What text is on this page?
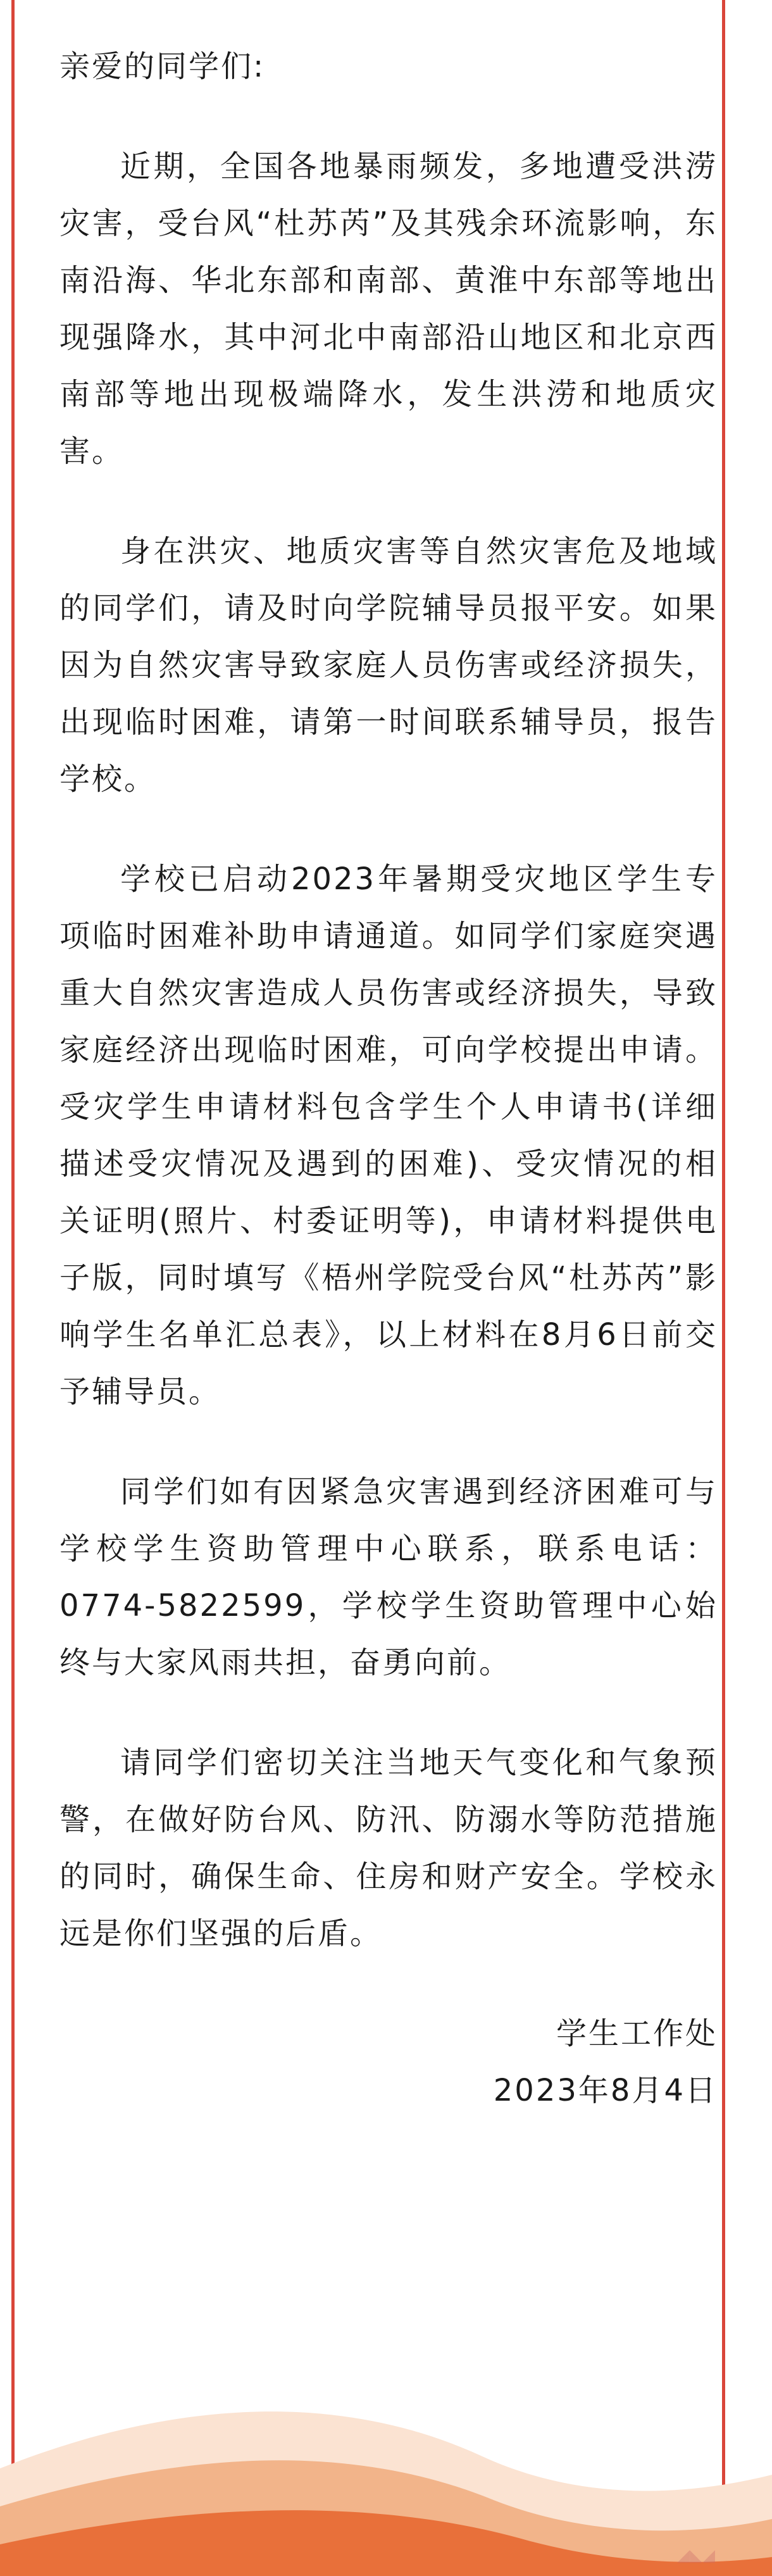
亲爱的同学们:

近期，全国各地暴雨频发，多地遭受洪涝灾害，受台风“杜苏芮”及其残余环流影响，东南沿海、华北东部和南部、黄淮中东部等地出现强降水，其中河北中南部沿山地区和北京西南部等地出现极端降水，发生洪涝和地质灾害。

身在洪灾、地质灾害等自然灾害危及地域的同学们，请及时向学院辅导员报平安。如果因为自然灾害导致家庭人员伤害或经济损失，出现临时困难，请第一时间联系辅导员，报告学校。

学校已启动2023年暑期受灾地区学生专项临时困难补助申请通道。如同学们家庭突遇重大自然灾害造成人员伤害或经济损失，导致家庭经济出现临时困难，可向学校提出申请。受灾学生申请材料包含学生个人申请书(详细描述受灾情况及遇到的困难)、受灾情况的相关证明(照片、村委证明等)，申请材料提供电子版，同时填写《梧州学院受台风“杜苏芮”影响学生名单汇总表》，以上材料在8月6日前交予辅导员。

同学们如有因紧急灾害遇到经济困难可与学校学生资助管理中心联系，联系电话：0774-5822599，学校学生资助管理中心始终与大家风雨共担，奋勇向前。

请同学们密切关注当地天气变化和气象预警，在做好防台风、防汛、防溺水等防范措施的同时，确保生命、住房和财产安全。学校永远是你们坚强的后盾。

学生工作处

2023年8月4日

◢◣◢
